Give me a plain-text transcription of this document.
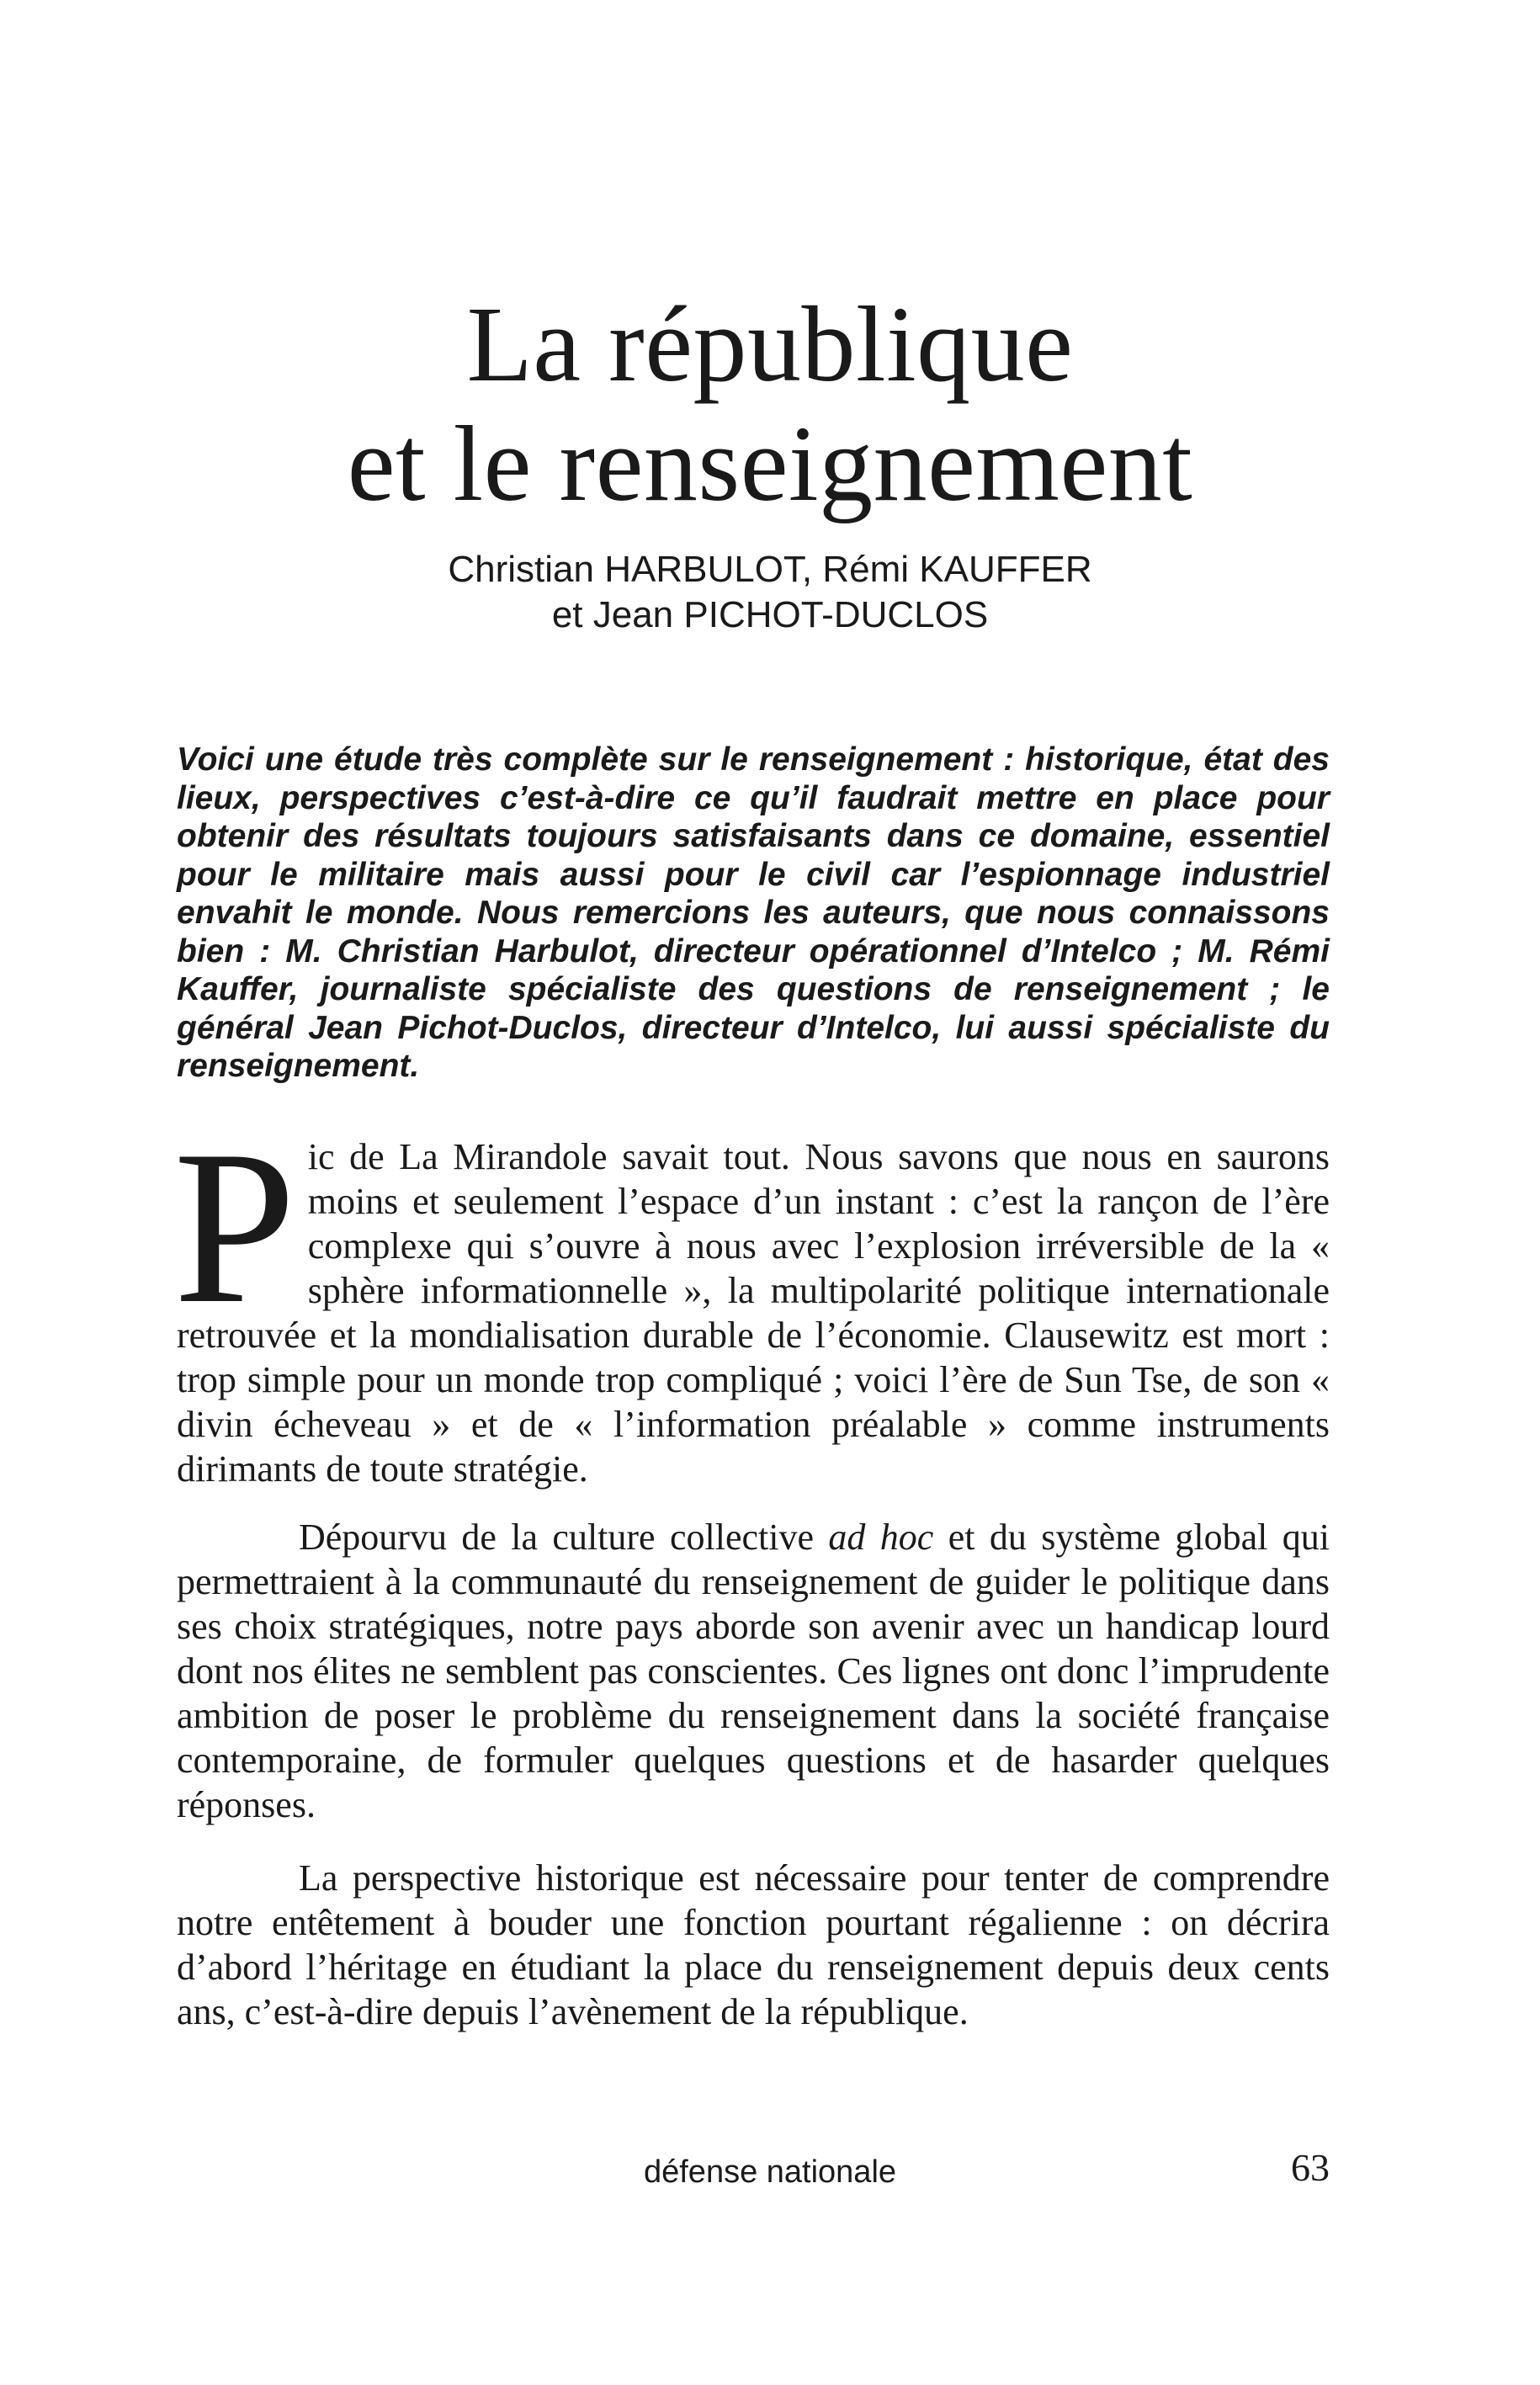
La république
et le renseignement
Christian HARBULOT, Rémi KAUFFER
et Jean PICHOT-DUCLOS

Voici une étude très complète sur le renseignement : historique, état des lieux, perspectives c’est-à-dire ce qu’il faudrait mettre en place pour obtenir des résultats toujours satisfaisants dans ce domaine, essentiel pour le militaire mais aussi pour le civil car l’espionnage industriel envahit le monde. Nous remercions les auteurs, que nous connaissons bien : M. Christian Harbulot, directeur opérationnel d’Intelco ; M. Rémi Kauffer, journaliste spécialiste des questions de renseignement ; le général Jean Pichot-Duclos, directeur d’Intelco, lui aussi spécialiste du renseignement.

Pic de La Mirandole savait tout. Nous savons que nous en saurons moins et seulement l’espace d’un instant : c’est la rançon de l’ère complexe qui s’ouvre à nous avec l’explosion irréversible de la « sphère informationnelle », la multipolarité politique internationale retrouvée et la mondialisation durable de l’économie. Clausewitz est mort : trop simple pour un monde trop compliqué ; voici l’ère de Sun Tse, de son « divin écheveau » et de « l’information préalable » comme instruments dirimants de toute stratégie.

Dépourvu de la culture collective ad hoc et du système global qui permettraient à la communauté du renseignement de guider le politique dans ses choix stratégiques, notre pays aborde son avenir avec un handicap lourd dont nos élites ne semblent pas conscientes. Ces lignes ont donc l’imprudente ambition de poser le problème du renseignement dans la société française contemporaine, de formuler quelques questions et de hasarder quelques réponses.

La perspective historique est nécessaire pour tenter de comprendre notre entêtement à bouder une fonction pourtant régalienne : on décrira d’abord l’héritage en étudiant la place du renseignement depuis deux cents ans, c’est-à-dire depuis l’avènement de la république.

défense nationale	63
